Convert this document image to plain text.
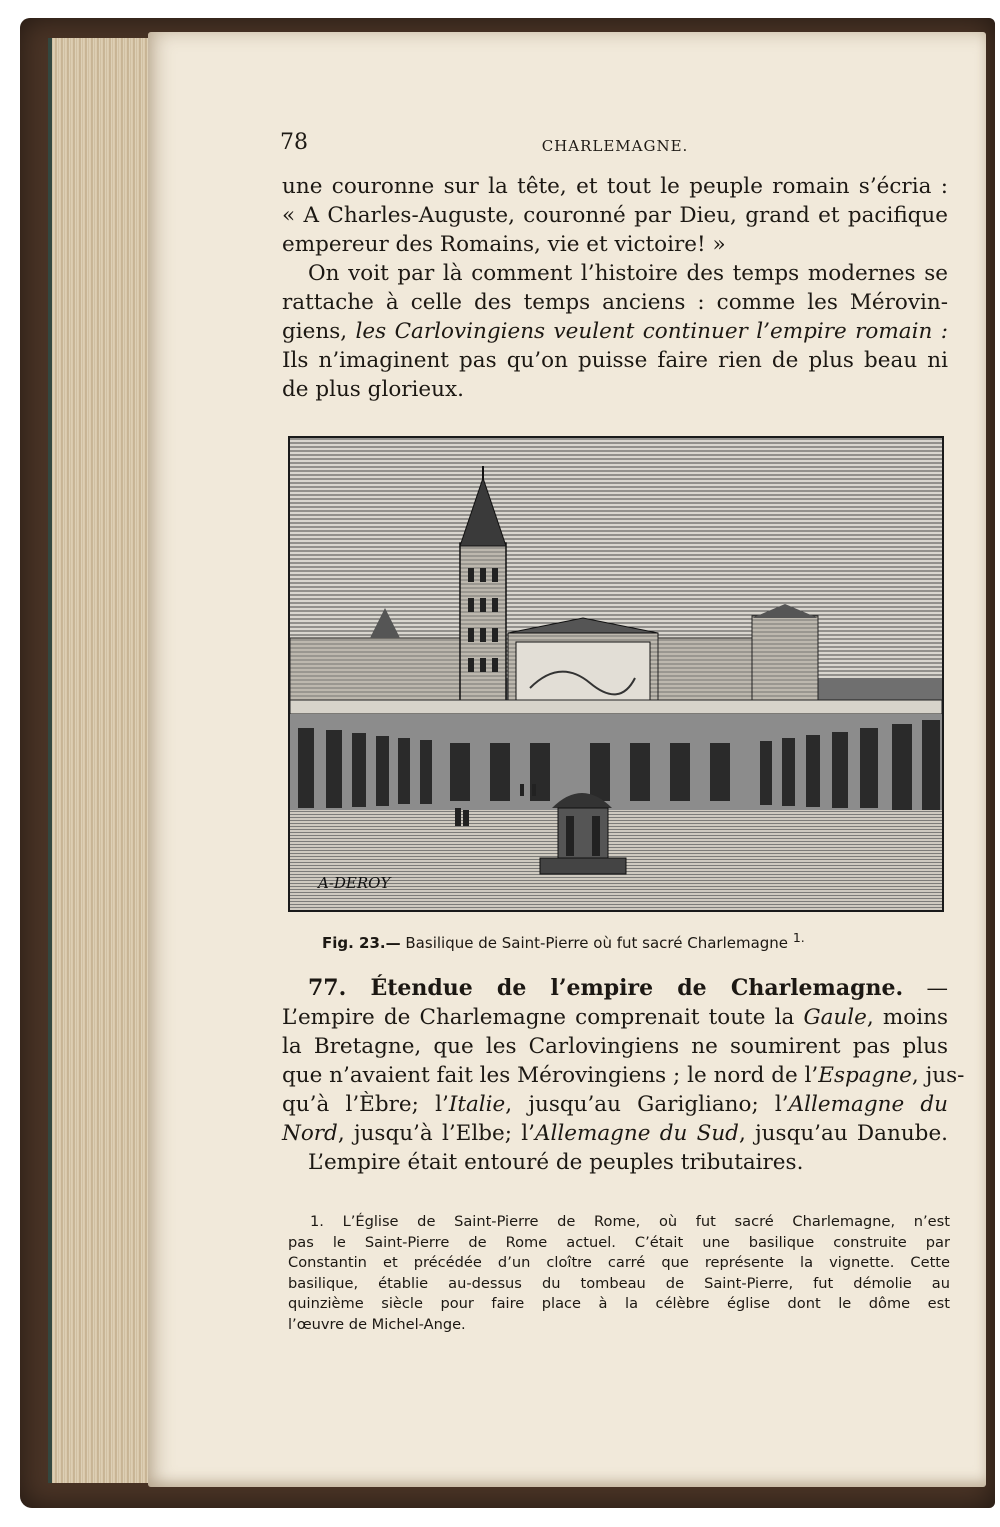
78	CHARLEMAGNE.
une couronne sur la tête, et tout le peuple romain s’écria :
« A Charles-Auguste, couronné par Dieu, grand et pacifique
empereur des Romains, vie et victoire! »
On voit par là comment l’histoire des temps modernes se
rattache à celle des temps anciens : comme les Mérovin-
giens, les Carlovingiens veulent continuer l’empire romain :
Ils n’imaginent pas qu’on puisse faire rien de plus beau ni
de plus glorieux.
A-DEROY
Fig. 23.— Basilique de Saint-Pierre où fut sacré Charlemagne $^{1.}$
77. Étendue de l’empire de Charlemagne. —
L’empire de Charlemagne comprenait toute la Gaule, moins
la Bretagne, que les Carlovingiens ne soumirent pas plus
que n’avaient fait les Mérovingiens ; le nord de l’Espagne, jus-
qu’à l’Èbre; l’Italie, jusqu’au Garigliano; l’Allemagne du
Nord, jusqu’à l’Elbe; l’Allemagne du Sud, jusqu’au Danube.
L’empire était entouré de peuples tributaires.
1. L’Église de Saint-Pierre de Rome, où fut sacré Charlemagne, n’est
pas le Saint-Pierre de Rome actuel. C’était une basilique construite par
Constantin et précédée d’un cloître carré que représente la vignette. Cette
basilique, établie au-dessus du tombeau de Saint-Pierre, fut démolie au
quinzième siècle pour faire place à la célèbre église dont le dôme est
l’œuvre de Michel-Ange.
